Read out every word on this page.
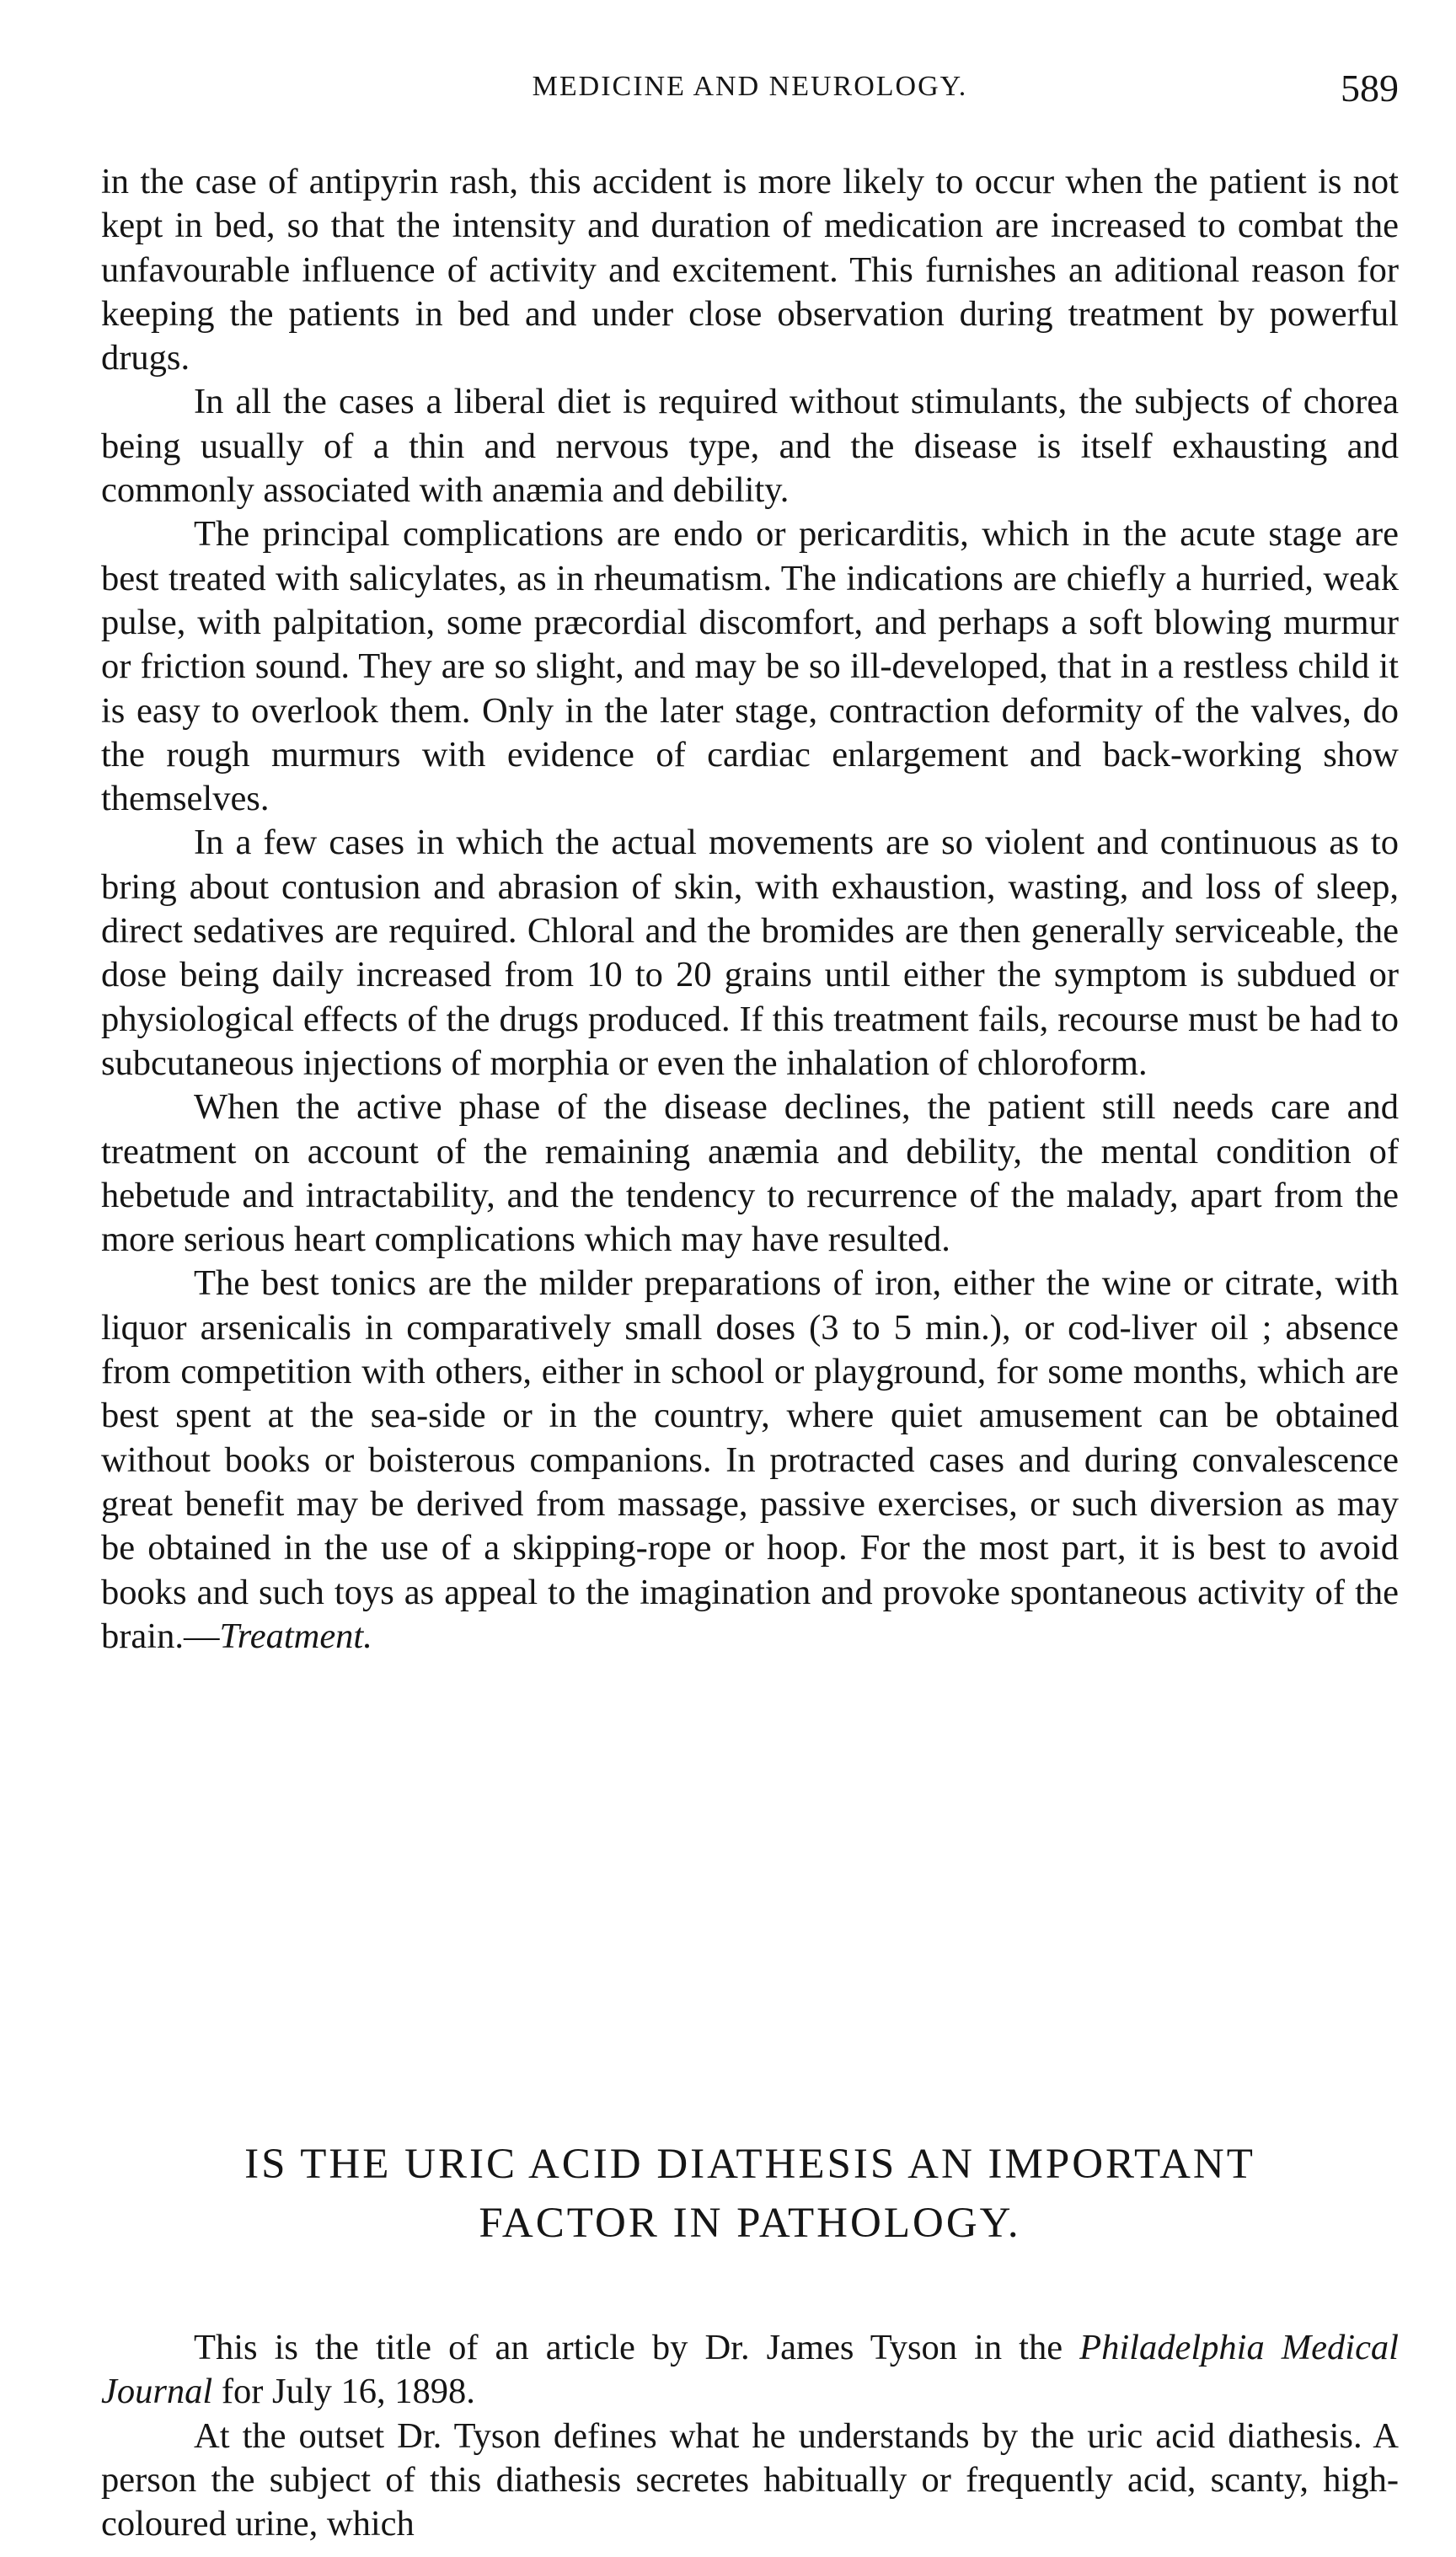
MEDICINE AND NEUROLOGY.	589

in the case of antipyrin rash, this accident is more likely to occur when the patient is not kept in bed, so that the intensity and duration of medication are increased to combat the unfavourable influence of activity and excitement. This furnishes an aditional reason for keeping the patients in bed and under close observation during treatment by powerful drugs.

In all the cases a liberal diet is required without stimulants, the subjects of chorea being usually of a thin and nervous type, and the disease is itself exhausting and commonly associated with anæmia and debility.

The principal complications are endo or pericarditis, which in the acute stage are best treated with salicylates, as in rheumatism. The indications are chiefly a hurried, weak pulse, with palpitation, some præcordial discomfort, and perhaps a soft blowing murmur or friction sound. They are so slight, and may be so ill-developed, that in a restless child it is easy to overlook them. Only in the later stage, contraction deformity of the valves, do the rough murmurs with evidence of cardiac enlargement and back-working show themselves.

In a few cases in which the actual movements are so violent and continuous as to bring about contusion and abrasion of skin, with exhaustion, wasting, and loss of sleep, direct sedatives are required. Chloral and the bromides are then generally serviceable, the dose being daily increased from 10 to 20 grains until either the symptom is subdued or physiological effects of the drugs produced. If this treatment fails, recourse must be had to subcutaneous injections of morphia or even the inhalation of chloroform.

When the active phase of the disease declines, the patient still needs care and treatment on account of the remaining anæmia and debility, the mental condition of hebetude and intractability, and the tendency to recurrence of the malady, apart from the more serious heart complications which may have resulted.

The best tonics are the milder preparations of iron, either the wine or citrate, with liquor arsenicalis in comparatively small doses (3 to 5 min.), or cod-liver oil ; absence from competition with others, either in school or playground, for some months, which are best spent at the sea-side or in the country, where quiet amusement can be obtained without books or boisterous companions. In protracted cases and during convalescence great benefit may be derived from massage, passive exercises, or such diversion as may be obtained in the use of a skipping-rope or hoop. For the most part, it is best to avoid books and such toys as appeal to the imagination and provoke spontaneous activity of the brain.—Treatment.

IS THE URIC ACID DIATHESIS AN IMPORTANT
FACTOR IN PATHOLOGY.

This is the title of an article by Dr. James Tyson in the Philadelphia Medical Journal for July 16, 1898.

At the outset Dr. Tyson defines what he understands by the uric acid diathesis. A person the subject of this diathesis secretes habitually or frequently acid, scanty, high-coloured urine, which
